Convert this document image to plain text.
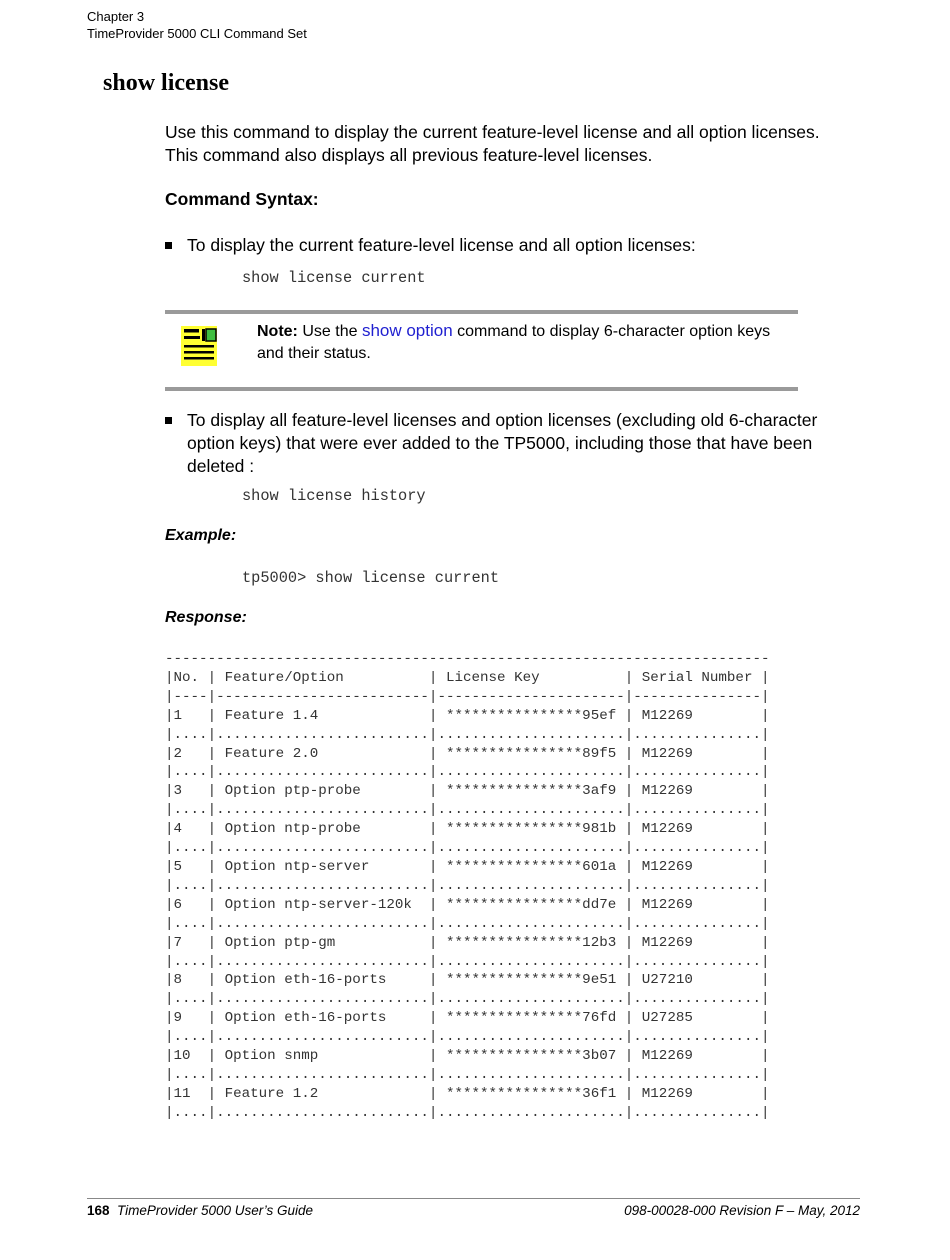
Chapter 3
TimeProvider 5000 CLI Command Set
show license
Use this command to display the current feature-level license and all option licenses. This command also displays all previous feature-level licenses.
Command Syntax:
To display the current feature-level license and all option licenses:
show license current
Note: Use the show option command to display 6-character option keys and their status.
To display all feature-level licenses and option licenses (excluding old 6-character option keys) that were ever added to the TP5000, including those that have been deleted :
show license history
Example:
tp5000> show license current
Response:
-----------------------------------------------------------------------
|No. | Feature/Option          | License Key          | Serial Number |
|----|-------------------------|----------------------|---------------|
|1   | Feature 1.4             | ****************95ef | M12269        |
|....|.........................|......................|...............|
|2   | Feature 2.0             | ****************89f5 | M12269        |
|....|.........................|......................|...............|
|3   | Option ptp-probe        | ****************3af9 | M12269        |
|....|.........................|......................|...............|
|4   | Option ntp-probe        | ****************981b | M12269        |
|....|.........................|......................|...............|
|5   | Option ntp-server       | ****************601a | M12269        |
|....|.........................|......................|...............|
|6   | Option ntp-server-120k  | ****************dd7e | M12269        |
|....|.........................|......................|...............|
|7   | Option ptp-gm           | ****************12b3 | M12269        |
|....|.........................|......................|...............|
|8   | Option eth-16-ports     | ****************9e51 | U27210        |
|....|.........................|......................|...............|
|9   | Option eth-16-ports     | ****************76fd | U27285        |
|....|.........................|......................|...............|
|10  | Option snmp             | ****************3b07 | M12269        |
|....|.........................|......................|...............|
|11  | Feature 1.2             | ****************36f1 | M12269        |
|....|.........................|......................|...............|

168 TimeProvider 5000 User’s Guide	098-00028-000 Revision F – May, 2012
